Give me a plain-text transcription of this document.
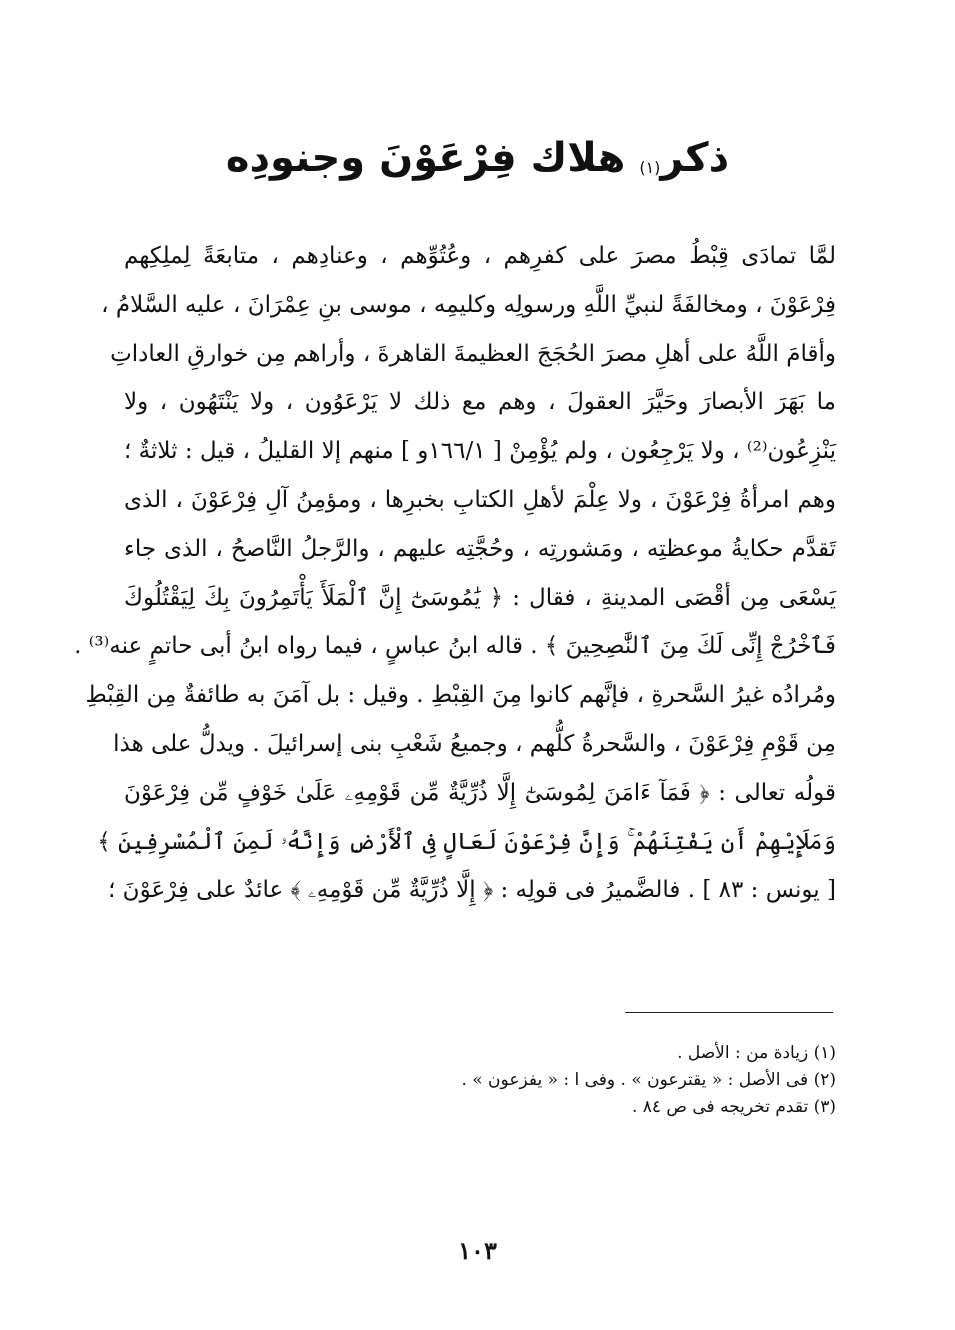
ذكر$^{(١)}$ هلاك فِرْعَوْنَ وجنودِه
لمَّا تمادَى قِبْطُ مصرَ على كفرِهم ، وعُتُوِّهم ، وعنادِهم ، متابعَةً لِملِكِهم
فِرْعَوْنَ ، ومخالفَةً لنبيِّ اللَّهِ ورسولِه وكليمِه ، موسى بنِ عِمْرَانَ ، عليه السَّلامُ ،
وأقامَ اللَّهُ على أهلِ مصرَ الحُجَجَ العظيمةَ القاهرةَ ، وأراهم مِن خوارقِ العاداتِ
ما بَهَرَ الأبصارَ وحَيَّرَ العقولَ ، وهم مع ذلك لا يَرْعَوُون ، ولا يَنْتَهُون ، ولا
يَنْزِعُون⁽²⁾ ، ولا يَرْجِعُون ، ولم يُؤْمِنْ [ ١٦٦/١و ] منهم إلا القليلُ ، قيل : ثلاثةٌ ؛
وهم امرأةُ فِرْعَوْنَ ، ولا عِلْمَ لأهلِ الكتابِ بخبرِها ، ومؤمِنُ آلِ فِرْعَوْنَ ، الذى
تَقدَّم حكايةُ موعظتِه ، ومَشورتِه ، وحُجَّتِه عليهم ، والرَّجلُ النَّاصحُ ، الذى جاء
يَسْعَى مِن أقْصَى المدينةِ ، فقال : ﴿ يَٰمُوسَىٰٓ إِنَّ ٱلْمَلَأَ يَأْتَمِرُونَ بِكَ لِيَقْتُلُوكَ
فَٱخْرُجْ إِنِّى لَكَ مِنَ ٱلنَّٰصِحِينَ ﴾ . قاله ابنُ عباسٍ ، فيما رواه ابنُ أبى حاتمٍ عنه⁽³⁾ .
ومُرادُه غيرُ السَّحرةِ ، فإنَّهم كانوا مِنَ القِبْطِ . وقيل : بل آمَنَ به طائفةٌ مِن القِبْطِ
مِن قَوْمِ فِرْعَوْنَ ، والسَّحرةُ كلُّهم ، وجميعُ شَعْبِ بنى إسرائيلَ . ويدلُّ على هذا
قولُه تعالى : ﴿ فَمَآ ءَامَنَ لِمُوسَىٰٓ إِلَّا ذُرِّيَّةٌ مِّن قَوْمِهِۦ عَلَىٰ خَوْفٍ مِّن فِرْعَوْنَ
وَمَلَإِيْهِمْ أَن يَفْتِنَهُمْ ۚ وَإِنَّ فِرْعَوْنَ لَعَالٍ فِى ٱلْأَرْضِ وَإِنَّهُۥ لَمِنَ ٱلْمُسْرِفِينَ ﴾
[ يونس : ٨٣ ] . فالضَّميرُ فى قولِه : ﴿ إِلَّا ذُرِّيَّةٌ مِّن قَوْمِهِۦ ﴾ عائدٌ على فِرْعَوْنَ ؛
(١) زيادة من : الأصل .
(٢) فى الأصل : « يقترعون » . وفى ا : « يفزعون » .
(٣) تقدم تخريجه فى ص ٨٤ .
١٠٣
